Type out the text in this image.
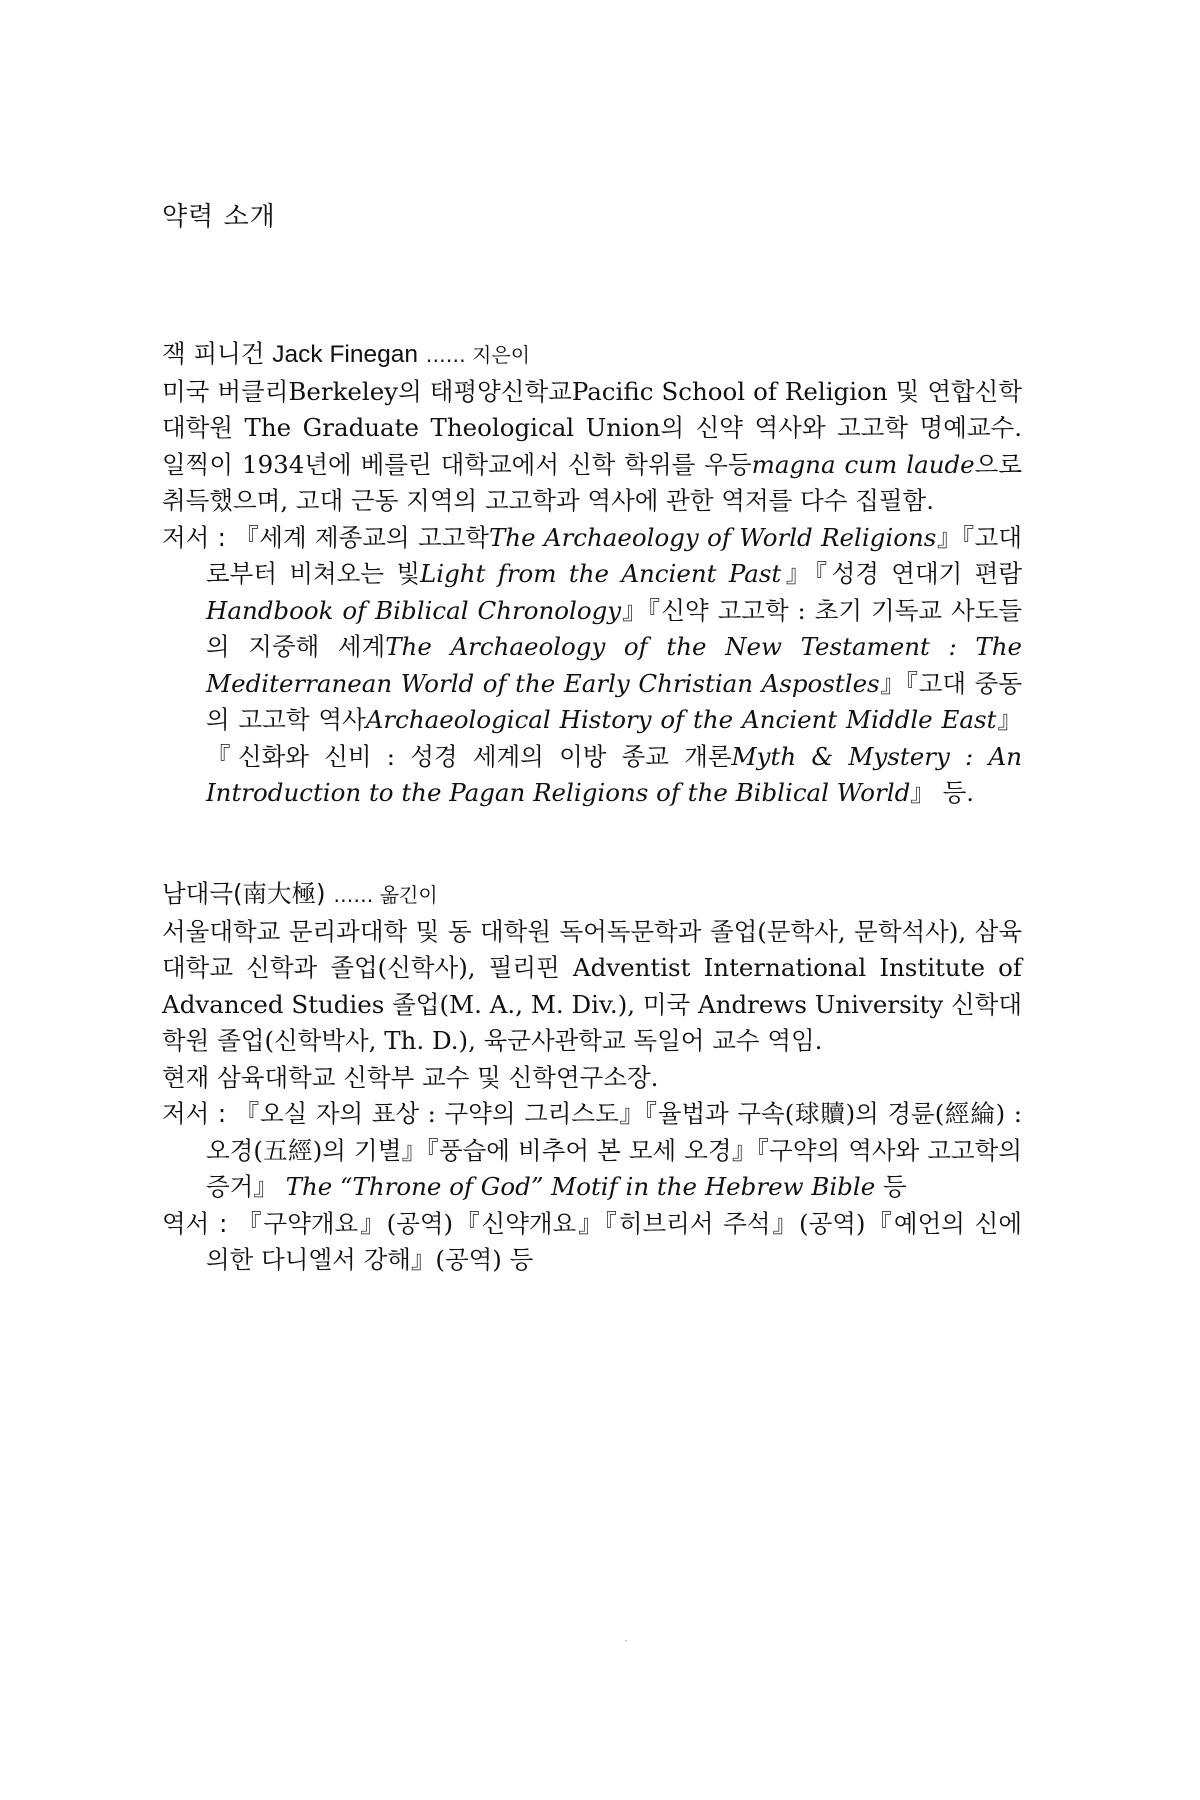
약력 소개

잭 피니건 Jack Finegan …… 지은이

미국 버클리Berkeley의 태평양신학교Pacific School of Religion 및 연합신학대학원 The Graduate Theological Union의 신약 역사와 고고학 명예교수. 일찍이 1934년에 베를린 대학교에서 신학 학위를 우등magna cum laude으로 취득했으며, 고대 근동 지역의 고고학과 역사에 관한 역저를 다수 집필함.

저서 : 『세계 제종교의 고고학The Archaeology of World Religions』『고대로부터 비쳐오는 빛Light from the Ancient Past』『성경 연대기 편람 Handbook of Biblical Chronology』『신약 고고학 : 초기 기독교 사도들의 지중해 세계The Archaeology of the New Testament : The Mediterranean World of the Early Christian Aspostles』『고대 중동의 고고학 역사Archaeological History of the Ancient Middle East』『신화와 신비 : 성경 세계의 이방 종교 개론Myth & Mystery : An Introduction to the Pagan Religions of the Biblical World』 등.

남대극(南大極) …… 옮긴이

서울대학교 문리과대학 및 동 대학원 독어독문학과 졸업(문학사, 문학석사), 삼육대학교 신학과 졸업(신학사), 필리핀 Adventist International Institute of Advanced Studies 졸업(M. A., M. Div.), 미국 Andrews University 신학대학원 졸업(신학박사, Th. D.), 육군사관학교 독일어 교수 역임.

현재 삼육대학교 신학부 교수 및 신학연구소장.

저서 : 『오실 자의 표상 : 구약의 그리스도』『율법과 구속(球贖)의 경륜(經綸) : 오경(五經)의 기별』『풍습에 비추어 본 모세 오경』『구약의 역사와 고고학의 증거』 The “Throne of God” Motif in the Hebrew Bible 등

역서 : 『구약개요』(공역)『신약개요』『히브리서 주석』(공역)『예언의 신에 의한 다니엘서 강해』(공역) 등
